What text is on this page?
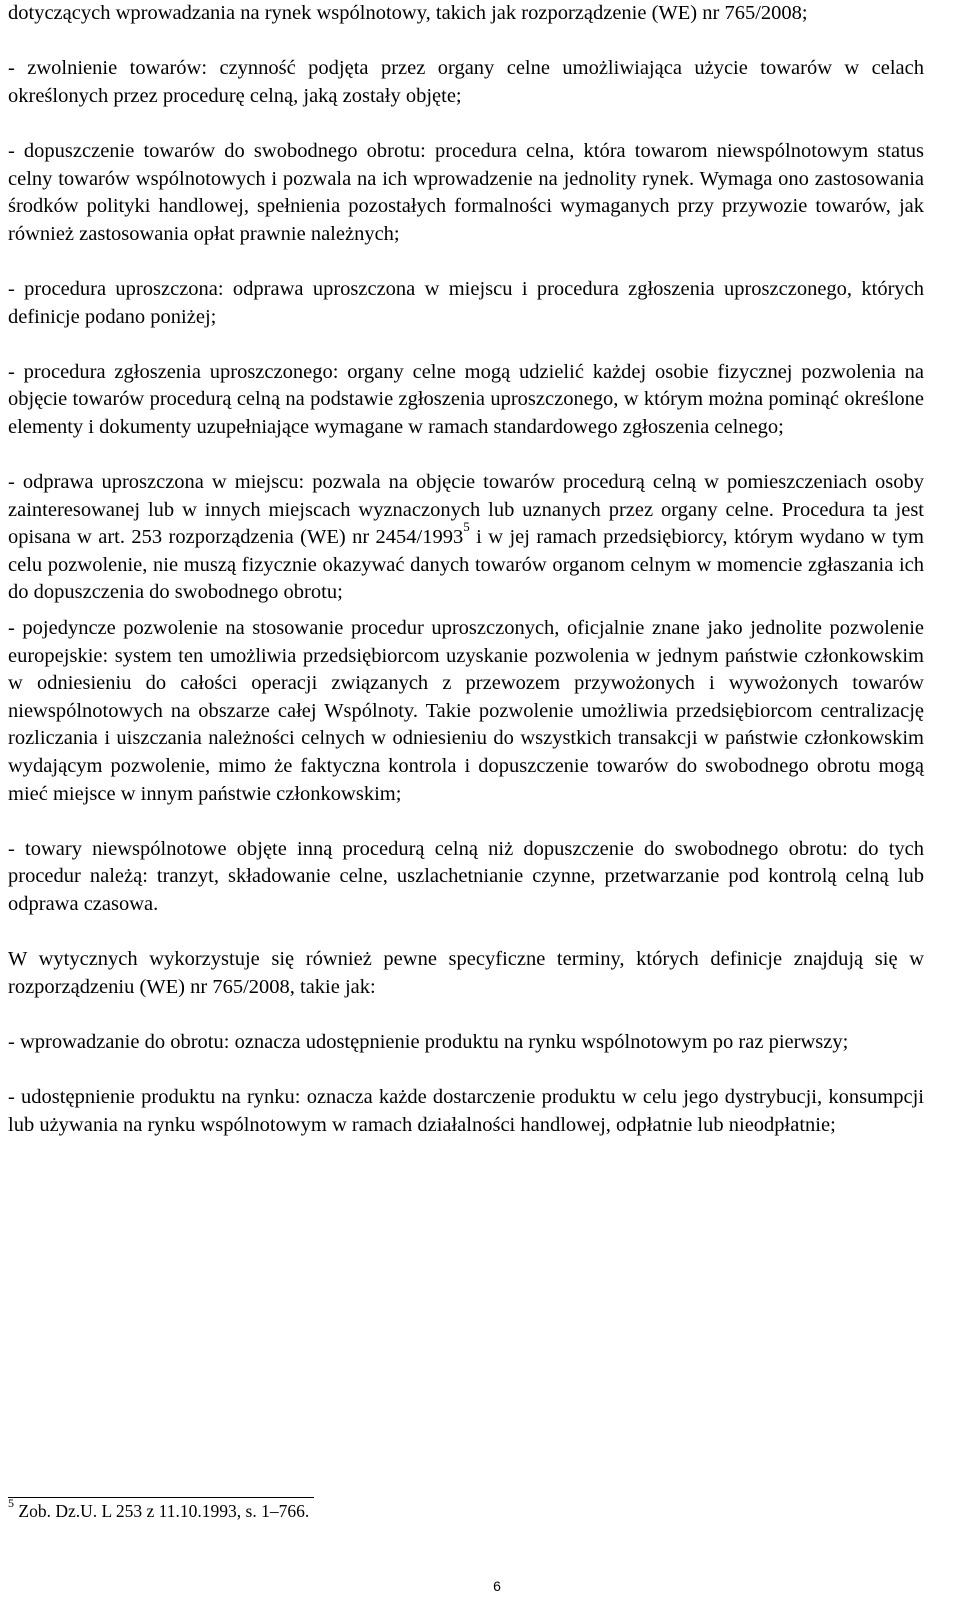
dotyczących wprowadzania na rynek wspólnotowy, takich jak rozporządzenie (WE) nr 765/2008;

- zwolnienie towarów: czynność podjęta przez organy celne umożliwiająca użycie towarów w celach określonych przez procedurę celną, jaką zostały objęte;

- dopuszczenie towarów do swobodnego obrotu: procedura celna, która towarom niewspólnotowym status celny towarów wspólnotowych i pozwala na ich wprowadzenie na jednolity rynek. Wymaga ono zastosowania środków polityki handlowej, spełnienia pozostałych formalności wymaganych przy przywozie towarów, jak również zastosowania opłat prawnie należnych;

- procedura uproszczona: odprawa uproszczona w miejscu i procedura zgłoszenia uproszczonego, których definicje podano poniżej;

- procedura zgłoszenia uproszczonego: organy celne mogą udzielić każdej osobie fizycznej pozwolenia na objęcie towarów procedurą celną na podstawie zgłoszenia uproszczonego, w którym można pominąć określone elementy i dokumenty uzupełniające wymagane w ramach standardowego zgłoszenia celnego;

- odprawa uproszczona w miejscu: pozwala na objęcie towarów procedurą celną w pomieszczeniach osoby zainteresowanej lub w innych miejscach wyznaczonych lub uznanych przez organy celne. Procedura ta jest opisana w art. 253 rozporządzenia (WE) nr 2454/1993$^5$ i w jej ramach przedsiębiorcy, którym wydano w tym celu pozwolenie, nie muszą fizycznie okazywać danych towarów organom celnym w momencie zgłaszania ich do dopuszczenia do swobodnego obrotu;

- pojedyncze pozwolenie na stosowanie procedur uproszczonych, oficjalnie znane jako jednolite pozwolenie europejskie: system ten umożliwia przedsiębiorcom uzyskanie pozwolenia w jednym państwie członkowskim w odniesieniu do całości operacji związanych z przewozem przywożonych i wywożonych towarów niewspólnotowych na obszarze całej Wspólnoty. Takie pozwolenie umożliwia przedsiębiorcom centralizację rozliczania i uiszczania należności celnych w odniesieniu do wszystkich transakcji w państwie członkowskim wydającym pozwolenie, mimo że faktyczna kontrola i dopuszczenie towarów do swobodnego obrotu mogą mieć miejsce w innym państwie członkowskim;

- towary niewspólnotowe objęte inną procedurą celną niż dopuszczenie do swobodnego obrotu: do tych procedur należą: tranzyt, składowanie celne, uszlachetnianie czynne, przetwarzanie pod kontrolą celną lub odprawa czasowa.

W wytycznych wykorzystuje się również pewne specyficzne terminy, których definicje znajdują się w rozporządzeniu (WE) nr 765/2008, takie jak:

- wprowadzanie do obrotu: oznacza udostępnienie produktu na rynku wspólnotowym po raz pierwszy;

- udostępnienie produktu na rynku: oznacza każde dostarczenie produktu w celu jego dystrybucji, konsumpcji lub używania na rynku wspólnotowym w ramach działalności handlowej, odpłatnie lub nieodpłatnie;

$^5$ Zob. Dz.U. L 253 z 11.10.1993, s. 1–766.
6
